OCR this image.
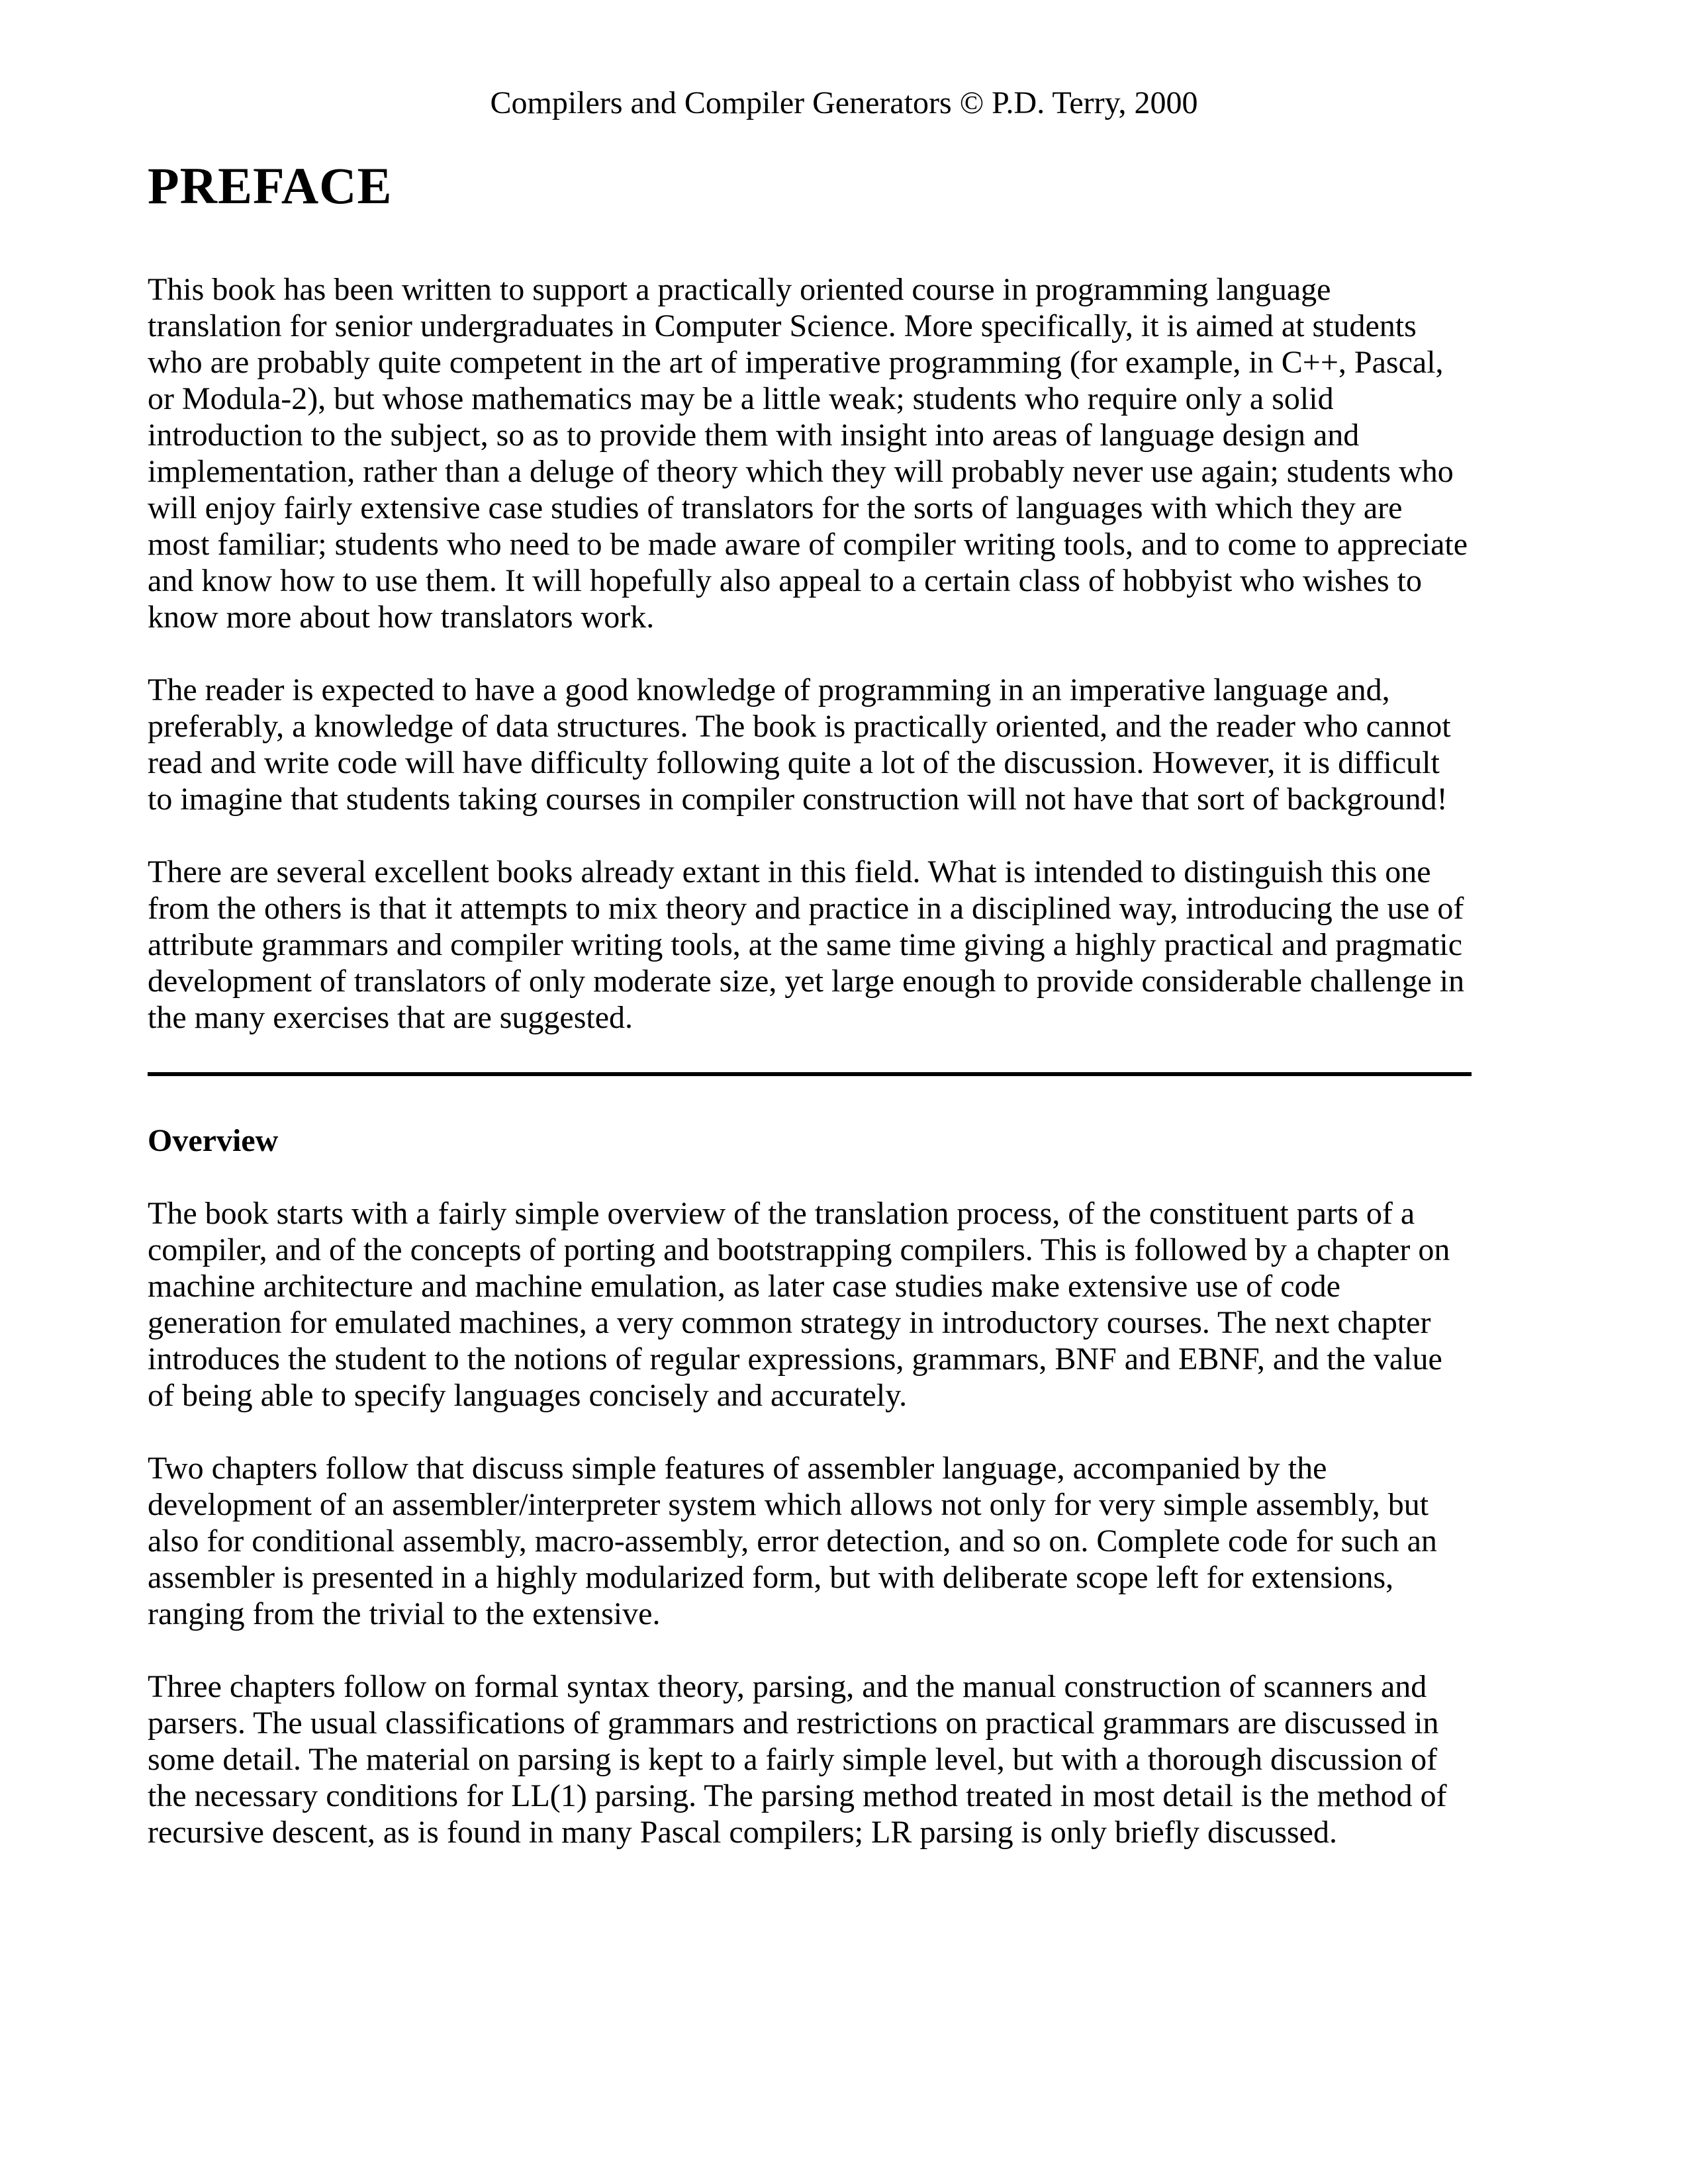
Compilers and Compiler Generators © P.D. Terry, 2000
PREFACE

This book has been written to support a practically oriented course in programming language translation for senior undergraduates in Computer Science. More specifically, it is aimed at students who are probably quite competent in the art of imperative programming (for example, in C++, Pascal, or Modula-2), but whose mathematics may be a little weak; students who require only a solid introduction to the subject, so as to provide them with insight into areas of language design and implementation, rather than a deluge of theory which they will probably never use again; students who will enjoy fairly extensive case studies of translators for the sorts of languages with which they are most familiar; students who need to be made aware of compiler writing tools, and to come to appreciate and know how to use them. It will hopefully also appeal to a certain class of hobbyist who wishes to know more about how translators work.

The reader is expected to have a good knowledge of programming in an imperative language and, preferably, a knowledge of data structures. The book is practically oriented, and the reader who cannot read and write code will have difficulty following quite a lot of the discussion. However, it is difficult to imagine that students taking courses in compiler construction will not have that sort of background!

There are several excellent books already extant in this field. What is intended to distinguish this one from the others is that it attempts to mix theory and practice in a disciplined way, introducing the use of attribute grammars and compiler writing tools, at the same time giving a highly practical and pragmatic development of translators of only moderate size, yet large enough to provide considerable challenge in the many exercises that are suggested.

Overview

The book starts with a fairly simple overview of the translation process, of the constituent parts of a compiler, and of the concepts of porting and bootstrapping compilers. This is followed by a chapter on machine architecture and machine emulation, as later case studies make extensive use of code generation for emulated machines, a very common strategy in introductory courses. The next chapter introduces the student to the notions of regular expressions, grammars, BNF and EBNF, and the value of being able to specify languages concisely and accurately.

Two chapters follow that discuss simple features of assembler language, accompanied by the development of an assembler/interpreter system which allows not only for very simple assembly, but also for conditional assembly, macro-assembly, error detection, and so on. Complete code for such an assembler is presented in a highly modularized form, but with deliberate scope left for extensions, ranging from the trivial to the extensive.

Three chapters follow on formal syntax theory, parsing, and the manual construction of scanners and parsers. The usual classifications of grammars and restrictions on practical grammars are discussed in some detail. The material on parsing is kept to a fairly simple level, but with a thorough discussion of the necessary conditions for LL(1) parsing. The parsing method treated in most detail is the method of recursive descent, as is found in many Pascal compilers; LR parsing is only briefly discussed.
